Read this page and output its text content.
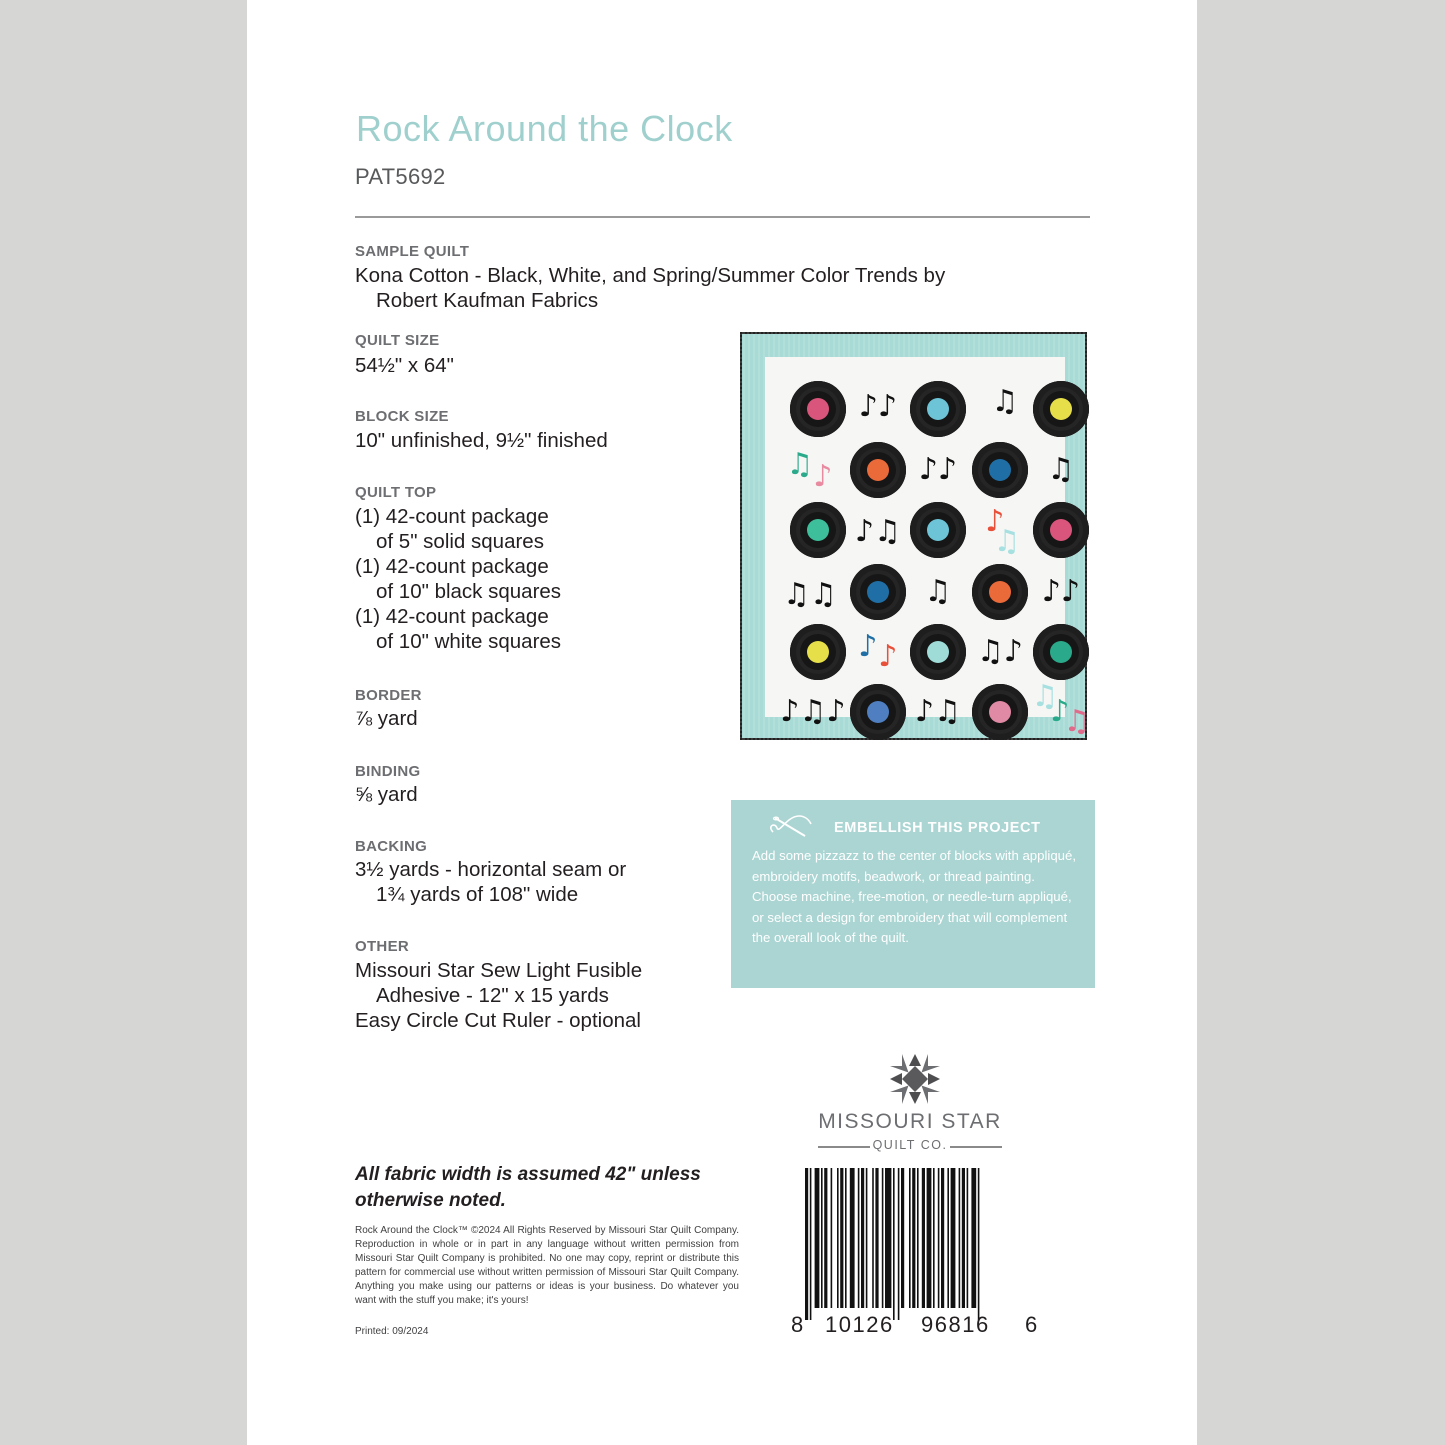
Rock Around the Clock
PAT5692
SAMPLE QUILT
Kona Cotton - Black, White, and Spring/Summer Color Trends by
Robert Kaufman Fabrics
QUILT SIZE
54½" x 64"
BLOCK SIZE
10" unfinished, 9½" finished
QUILT TOP
(1) 42-count package
of 5" solid squares
(1) 42-count package
of 10" black squares
(1) 42-count package
of 10" white squares
BORDER
⅞ yard
BINDING
⅝ yard
BACKING
3½ yards - horizontal seam or
1¾ yards of 108" wide
OTHER
Missouri Star Sew Light Fusible
Adhesive - 12" x 15 yards
Easy Circle Cut Ruler - optional
♪♪	♫
♫ ♪	♪♪	♫
♪♫	♪
♫
♫♫	♫	♪♪
♪ ♪	♫♪
♪♫♪ ♪♫ ♫
♪
♫
EMBELLISH THIS PROJECT
Add some pizzazz to the center of blocks with appliqué, embroidery motifs, beadwork, or thread painting. Choose machine, free-motion, or needle-turn appliqué, or select a design for embroidery that will complement the overall look of the quilt.
MISSOURI STAR
QUILT CO.
8 10126 96816 6
All fabric width is assumed 42" unless otherwise noted.
Rock Around the Clock™ ©2024 All Rights Reserved by Missouri Star Quilt Company. Reproduction in whole or in part in any language without written permission from Missouri Star Quilt Company is prohibited. No one may copy, reprint or distribute this pattern for commercial use without written permission of Missouri Star Quilt Company. Anything you make using our patterns or ideas is your business. Do whatever you want with the stuff you make; it's yours!
Printed: 09/2024
